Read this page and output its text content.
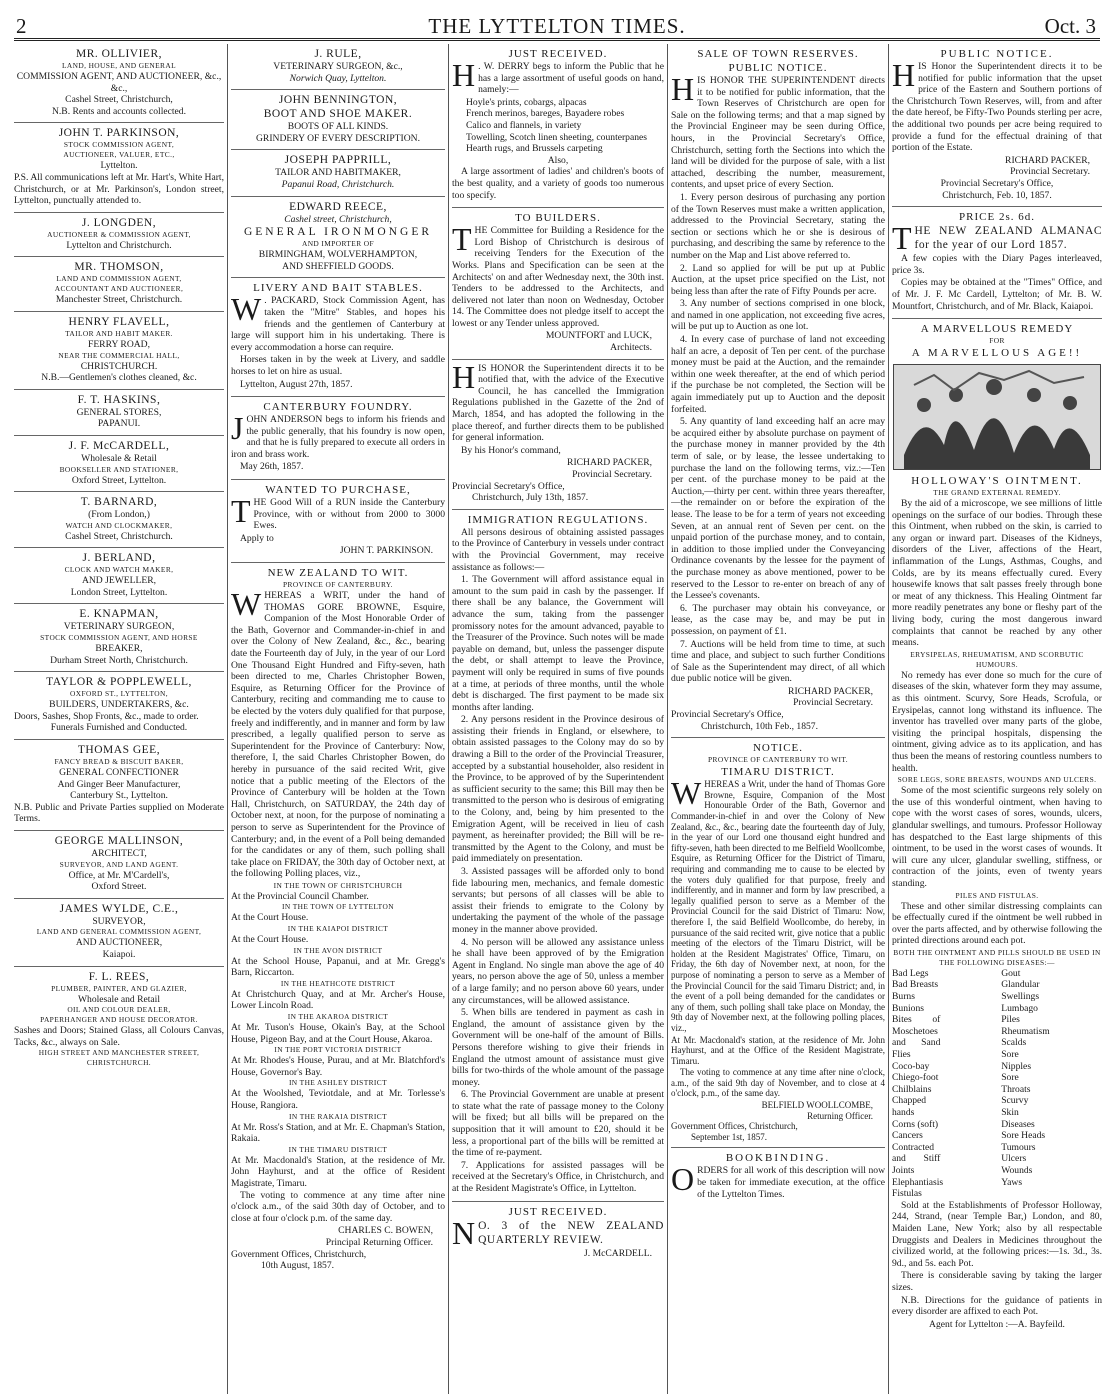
2	THE LYTTELTON TIMES.	Oct. 3
MR. OLLIVIER,
LAND, HOUSE, AND GENERAL
COMMISSION AGENT, AND AUCTIONEER, &c., &c.,
Cashel Street, Christchurch,
N.B. Rents and accounts collected.
JOHN T. PARKINSON,
STOCK COMMISSION AGENT,
AUCTIONEER, VALUER, ETC.,
Lyttelton.
P.S. All communications left at Mr. Hart's, White Hart, Christchurch, or at Mr. Parkinson's, London street, Lyttelton, punctually attended to.
J. LONGDEN,
AUCTIONEER & COMMISSION AGENT,
Lyttelton and Christchurch.
MR. THOMSON,
LAND AND COMMISSION AGENT,
ACCOUNTANT AND AUCTIONEER,
Manchester Street, Christchurch.
HENRY FLAVELL,
TAILOR AND HABIT MAKER.
FERRY ROAD,
NEAR THE COMMERCIAL HALL,
CHRISTCHURCH.
N.B.—Gentlemen's clothes cleaned, &c.
F. T. HASKINS,
GENERAL STORES,
PAPANUI.
J. F. McCARDELL,
Wholesale & Retail
BOOKSELLER AND STATIONER,
Oxford Street, Lyttelton.
T. BARNARD,
(From London,)
WATCH AND CLOCKMAKER,
Cashel Street, Christchurch.
J. BERLAND,
CLOCK AND WATCH MAKER,
AND JEWELLER,
London Street, Lyttelton.
E. KNAPMAN,
VETERINARY SURGEON,
STOCK COMMISSION AGENT, AND HORSE
BREAKER,
Durham Street North, Christchurch.
TAYLOR & POPPLEWELL,
OXFORD ST., LYTTELTON,
BUILDERS, UNDERTAKERS, &c.
Doors, Sashes, Shop Fronts, &c., made to order.
Funerals Furnished and Conducted.
THOMAS GEE,
FANCY BREAD & BISCUIT BAKER,
GENERAL CONFECTIONER
And Ginger Beer Manufacturer,
Canterbury St., Lyttelton.
N.B. Public and Private Parties supplied on Moderate Terms.
GEORGE MALLINSON,
ARCHITECT,
SURVEYOR, AND LAND AGENT.
Office, at Mr. M'Cardell's,
Oxford Street.
JAMES WYLDE, C.E.,
SURVEYOR,
LAND AND GENERAL COMMISSION AGENT,
AND AUCTIONEER,
Kaiapoi.
F. L. REES,
PLUMBER, PAINTER, AND GLAZIER,
Wholesale and Retail
OIL AND COLOUR DEALER,
PAPERHANGER AND HOUSE DECORATOR.
Sashes and Doors; Stained Glass, all Colours Canvas, Tacks, &c., always on Sale.
HIGH STREET AND MANCHESTER STREET, CHRISTCHURCH.
J. RULE,
VETERINARY SURGEON, &c.,
Norwich Quay, Lyttelton.
JOHN BENNINGTON,
BOOT AND SHOE MAKER.
BOOTS OF ALL KINDS.
GRINDERY OF EVERY DESCRIPTION.
JOSEPH PAPPRILL,
TAILOR AND HABITMAKER,
Papanui Road, Christchurch.
EDWARD REECE,
Cashel street, Christchurch,
GENERAL IRONMONGER
AND IMPORTER OF
BIRMINGHAM, WOLVERHAMPTON,
AND SHEFFIELD GOODS.
LIVERY AND BAIT STABLES.

W . PACKARD, Stock Commission Agent, has taken the "Mitre" Stables, and hopes his friends and the gentlemen of Canterbury at large will support him in his undertaking. There is every accommodation a horse can require.

Horses taken in by the week at Livery, and saddle horses to let on hire as usual.

Lyttelton, August 27th, 1857.

CANTERBURY FOUNDRY.

JOHN ANDERSON begs to inform his friends and the public generally, that his foundry is now open, and that he is fully prepared to execute all orders in iron and brass work.

May 26th, 1857.

WANTED TO PURCHASE,

THE Good Will of a RUN inside the Canterbury Province, with or without from 2000 to 3000 Ewes.

Apply to

JOHN T. PARKINSON.
NEW ZEALAND TO WIT.
PROVINCE OF CANTERBURY.

WHEREAS a WRIT, under the hand of THOMAS GORE BROWNE, Esquire, Companion of the Most Honorable Order of the Bath, Governor and Commander-in-chief in and over the Colony of New Zealand, &c., &c., bearing date the Fourteenth day of July, in the year of our Lord One Thousand Eight Hundred and Fifty-seven, hath been directed to me, Charles Christopher Bowen, Esquire, as Returning Officer for the Province of Canterbury, reciting and commanding me to cause to be elected by the voters duly qualified for that purpose, freely and indifferently, and in manner and form by law prescribed, a legally qualified person to serve as Superintendent for the Province of Canterbury: Now, therefore, I, the said Charles Christopher Bowen, do hereby in pursuance of the said recited Writ, give notice that a public meeting of the Electors of the Province of Canterbury will be holden at the Town Hall, Christchurch, on SATURDAY, the 24th day of October next, at noon, for the purpose of nominating a person to serve as Superintendent for the Province of Canterbury; and, in the event of a Poll being demanded for the candidates or any of them, such polling shall take place on FRIDAY, the 30th day of October next, at the following Polling places, viz.,

IN THE TOWN OF CHRISTCHURCH
At the Provincial Council Chamber.
IN THE TOWN OF LYTTELTON
At the Court House.
IN THE KAIAPOI DISTRICT
At the Court House.
IN THE AVON DISTRICT
At the School House, Papanui, and at Mr. Gregg's Barn, Riccarton.
IN THE HEATHCOTE DISTRICT
At Christchurch Quay, and at Mr. Archer's House, Lower Lincoln Road.
IN THE AKAROA DISTRICT
At Mr. Tuson's House, Okain's Bay, at the School House, Pigeon Bay, and at the Court House, Akaroa.
IN THE PORT VICTORIA DISTRICT
At Mr. Rhodes's House, Purau, and at Mr. Blatchford's House, Governor's Bay.
IN THE ASHLEY DISTRICT
At the Woolshed, Teviotdale, and at Mr. Torlesse's House, Rangiora.
IN THE RAKAIA DISTRICT
At Mr. Ross's Station, and at Mr. E. Chapman's Station, Rakaia.
IN THE TIMARU DISTRICT
At Mr. Macdonald's Station, at the residence of Mr. John Hayhurst, and at the office of Resident Magistrate, Timaru.

The voting to commence at any time after nine o'clock a.m., of the said 30th day of October, and to close at four o'clock p.m. of the same day.

CHARLES C. BOWEN,
Principal Returning Officer.
Government Offices, Christchurch,
10th August, 1857.
JUST RECEIVED.

H . W. DERRY begs to inform the Public that he has a large assortment of useful goods on hand, namely:—

Hoyle's prints, cobargs, alpacas
French merinos, bareges, Bayadere robes
Calico and flannels, in variety
Towelling, Scotch linen sheeting, counterpanes
Hearth rugs, and Brussels carpeting
Also,

A large assortment of ladies' and children's boots of the best quality, and a variety of goods too numerous too specify.

TO BUILDERS.

THE Committee for Building a Residence for the Lord Bishop of Christchurch is desirous of receiving Tenders for the Execution of the Works. Plans and Specification can be seen at the Architects' on and after Wednesday next, the 30th inst. Tenders to be addressed to the Architects, and delivered not later than noon on Wednesday, October 14. The Committee does not pledge itself to accept the lowest or any Tender unless approved.

MOUNTFORT and LUCK,
Architects.

HIS HONOR the Superintendent directs it to be notified that, with the advice of the Executive Council, he has cancelled the Immigration Regulations published in the Gazette of the 2nd of March, 1854, and has adopted the following in the place thereof, and further directs them to be published for general information.

By his Honor's command,

RICHARD PACKER,
Provincial Secretary.
Provincial Secretary's Office,
Christchurch, July 13th, 1857.
IMMIGRATION REGULATIONS.

All persons desirous of obtaining assisted passages to the Province of Canterbury in vessels under contract with the Provincial Government, may receive assistance as follows:—

1. The Government will afford assistance equal in amount to the sum paid in cash by the passenger. If there shall be any balance, the Government will advance the sum, taking from the passenger promissory notes for the amount advanced, payable to the Treasurer of the Province. Such notes will be made payable on demand, but, unless the passenger dispute the debt, or shall attempt to leave the Province, payment will only be required in sums of five pounds at a time, at periods of three months, until the whole debt is discharged. The first payment to be made six months after landing.

2. Any persons resident in the Province desirous of assisting their friends in England, or elsewhere, to obtain assisted passages to the Colony may do so by drawing a Bill to the order of the Provincial Treasurer, accepted by a substantial householder, also resident in the Province, to be approved of by the Superintendent as sufficient security to the same; this Bill may then be transmitted to the person who is desirous of emigrating to the Colony, and, being by him presented to the Emigration Agent, will be received in lieu of cash payment, as hereinafter provided; the Bill will be re-transmitted by the Agent to the Colony, and must be paid immediately on presentation.

3. Assisted passages will be afforded only to bond fide labouring men, mechanics, and female domestic servants; but persons of all classes will be able to assist their friends to emigrate to the Colony by undertaking the payment of the whole of the passage money in the manner above provided.

4. No person will be allowed any assistance unless he shall have been approved of by the Emigration Agent in England. No single man above the age of 40 years, no person above the age of 50, unless a member of a large family; and no person above 60 years, under any circumstances, will be allowed assistance.

5. When bills are tendered in payment as cash in England, the amount of assistance given by the Government will be one-half of the amount of Bills. Persons therefore wishing to give their friends in England the utmost amount of assistance must give bills for two-thirds of the whole amount of the passage money.

6. The Provincial Government are unable at present to state what the rate of passage money to the Colony will be fixed; but all bills will be prepared on the supposition that it will amount to £20, should it be less, a proportional part of the bills will be remitted at the time of re-payment.

7. Applications for assisted passages will be received at the Secretary's Office, in Christchurch, and at the Resident Magistrate's Office, in Lyttelton.

JUST RECEIVED.

N O. 3 of the NEW ZEALAND QUARTERLY REVIEW.

J. McCARDELL.
SALE OF TOWN RESERVES.
PUBLIC NOTICE.

HIS HONOR THE SUPERINTENDENT directs it to be notified for public information, that the Town Reserves of Christchurch are open for Sale on the following terms; and that a map signed by the Provincial Engineer may be seen during Office, hours, in the Provincial Secretary's Office, Christchurch, setting forth the Sections into which the land will be divided for the purpose of sale, with a list attached, describing the number, measurement, contents, and upset price of every Section.

1. Every person desirous of purchasing any portion of the Town Reserves must make a written application, addressed to the Provincial Secretary, stating the section or sections which he or she is desirous of purchasing, and describing the same by reference to the number on the Map and List above referred to.

2. Land so applied for will be put up at Public Auction, at the upset price specified on the List, not being less than after the rate of Fifty Pounds per acre.

3. Any number of sections comprised in one block, and named in one application, not exceeding five acres, will be put up to Auction as one lot.

4. In every case of purchase of land not exceeding half an acre, a deposit of Ten per cent. of the purchase money must be paid at the Auction, and the remainder within one week thereafter, at the end of which period if the purchase be not completed, the Section will be again immediately put up to Auction and the deposit forfeited.

5. Any quantity of land exceeding half an acre may be acquired either by absolute purchase on payment of the purchase money in manner provided by the 4th term of sale, or by lease, the lessee undertaking to purchase the land on the following terms, viz.:—Ten per cent. of the purchase money to be paid at the Auction,—thirty per cent. within three years thereafter,—the remainder on or before the expiration of the lease. The lease to be for a term of years not exceeding Seven, at an annual rent of Seven per cent. on the unpaid portion of the purchase money, and to contain, in addition to those implied under the Conveyancing Ordinance covenants by the lessee for the payment of the purchase money as above mentioned, power to be reserved to the Lessor to re-enter on breach of any of the Lessee's covenants.

6. The purchaser may obtain his conveyance, or lease, as the case may be, and may be put in possession, on payment of £1.

7. Auctions will be held from time to time, at such time and place, and subject to such further Conditions of Sale as the Superintendent may direct, of all which due public notice will be given.

RICHARD PACKER,
Provincial Secretary.
Provincial Secretary's Office,
Christchurch, 10th Feb., 1857.
NOTICE.
PROVINCE OF CANTERBURY TO WIT.
TIMARU DISTRICT.

WHEREAS a Writ, under the hand of Thomas Gore Browne, Esquire, Companion of the Most Honourable Order of the Bath, Governor and Commander-in-chief in and over the Colony of New Zealand, &c., &c., bearing date the fourteenth day of July, in the year of our Lord one thousand eight hundred and fifty-seven, hath been directed to me Belfield Woollcombe, Esquire, as Returning Officer for the District of Timaru, requiring and commanding me to cause to be elected by the voters duly qualified for that purpose, freely and indifferently, and in manner and form by law prescribed, a legally qualified person to serve as a Member of the Provincial Council for the said District of Timaru: Now, therefore I, the said Belfield Woollcombe, do hereby, in pursuance of the said recited writ, give notice that a public meeting of the electors of the Timaru District, will be holden at the Resident Magistrates' Office, Timaru, on Friday, the 6th day of November next, at noon, for the purpose of nominating a person to serve as a Member of the Provincial Council for the said Timaru District; and, in the event of a poll being demanded for the candidates or any of them, such polling shall take place on Monday, the 9th day of November next, at the following polling places, viz.,

At Mr. Macdonald's station, at the residence of Mr. John Hayhurst, and at the Office of the Resident Magistrate, Timaru.

The voting to commence at any time after nine o'clock, a.m., of the said 9th day of November, and to close at 4 o'clock, p.m., of the same day.

BELFIELD WOOLLCOMBE,
Returning Officer.
Government Offices, Christchurch,
September 1st, 1857.
BOOKBINDING.

ORDERS for all work of this description will now be taken for immediate execution, at the office of the Lyttelton Times.

PUBLIC NOTICE.

HIS Honor the Superintendent directs it to be notified for public information that the upset price of the Eastern and Southern portions of the Christchurch Town Reserves, will, from and after the date hereof, be Fifty-Two Pounds sterling per acre, the additional two pounds per acre being required to provide a fund for the effectual draining of that portion of the Estate.

RICHARD PACKER,
Provincial Secretary.
Provincial Secretary's Office,
Christchurch, Feb. 10, 1857.
PRICE 2s. 6d.

THE NEW ZEALAND ALMANAC for the year of our Lord 1857.

A few copies with the Diary Pages interleaved, price 3s.

Copies may be obtained at the "Times" Office, and of Mr. J. F. Mc Cardell, Lyttelton; of Mr. B. W. Mountfort, Christchurch, and of Mr. Black, Kaiapoi.

A MARVELLOUS REMEDY
FOR
A MARVELLOUS AGE!!
HOLLOWAY'S OINTMENT.
THE GRAND EXTERNAL REMEDY.

By the aid of a microscope, we see millions of little openings on the surface of our bodies. Through these this Ointment, when rubbed on the skin, is carried to any organ or inward part. Diseases of the Kidneys, disorders of the Liver, affections of the Heart, inflammation of the Lungs, Asthmas, Coughs, and Colds, are by its means effectually cured. Every housewife knows that salt passes freely through bone or meat of any thickness. This Healing Ointment far more readily penetrates any bone or fleshy part of the living body, curing the most dangerous inward complaints that cannot be reached by any other means.

ERYSIPELAS, RHEUMATISM, AND SCORBUTIC HUMOURS.

No remedy has ever done so much for the cure of diseases of the skin, whatever form they may assume, as this ointment. Scurvy, Sore Heads, Scrofula, or Erysipelas, cannot long withstand its influence. The inventor has travelled over many parts of the globe, visiting the principal hospitals, dispensing the ointment, giving advice as to its application, and has thus been the means of restoring countless numbers to health.

SORE LEGS, SORE BREASTS, WOUNDS AND ULCERS.

Some of the most scientific surgeons rely solely on the use of this wonderful ointment, when having to cope with the worst cases of sores, wounds, ulcers, glandular swellings, and tumours. Professor Holloway has despatched to the East large shipments of this ointment, to be used in the worst cases of wounds. It will cure any ulcer, glandular swelling, stiffness, or contraction of the joints, even of twenty years standing.

PILES AND FISTULAS.

These and other similar distressing complaints can be effectually cured if the ointment be well rubbed in over the parts affected, and by otherwise following the printed directions around each pot.

BOTH THE OINTMENT AND PILLS SHOULD BE USED IN THE FOLLOWING DISEASES:—
Bad Legs
Bad Breasts
Burns
Bunions
Bites of Moschetoes and Sand Flies
Coco-bay
Chiego-foot
Chilblains
Chapped hands
Corns (soft)
Cancers
Contracted and Stiff Joints
Elephantiasis
Fistulas
Gout
Glandular Swellings
Lumbago
Piles
Rheumatism
Scalds
Sore Nipples
Sore Throats
Scurvy
Skin Diseases
Sore Heads
Tumours
Ulcers
Wounds
Yaws

Sold at the Establishments of Professor Holloway, 244, Strand, (near Temple Bar,) London, and 80, Maiden Lane, New York; also by all respectable Druggists and Dealers in Medicines throughout the civilized world, at the following prices:—1s. 3d., 3s. 9d., and 5s. each Pot.

There is considerable saving by taking the larger sizes.

N.B. Directions for the guidance of patients in every disorder are affixed to each Pot.

Agent for Lyttelton :—A. Bayfeild.
